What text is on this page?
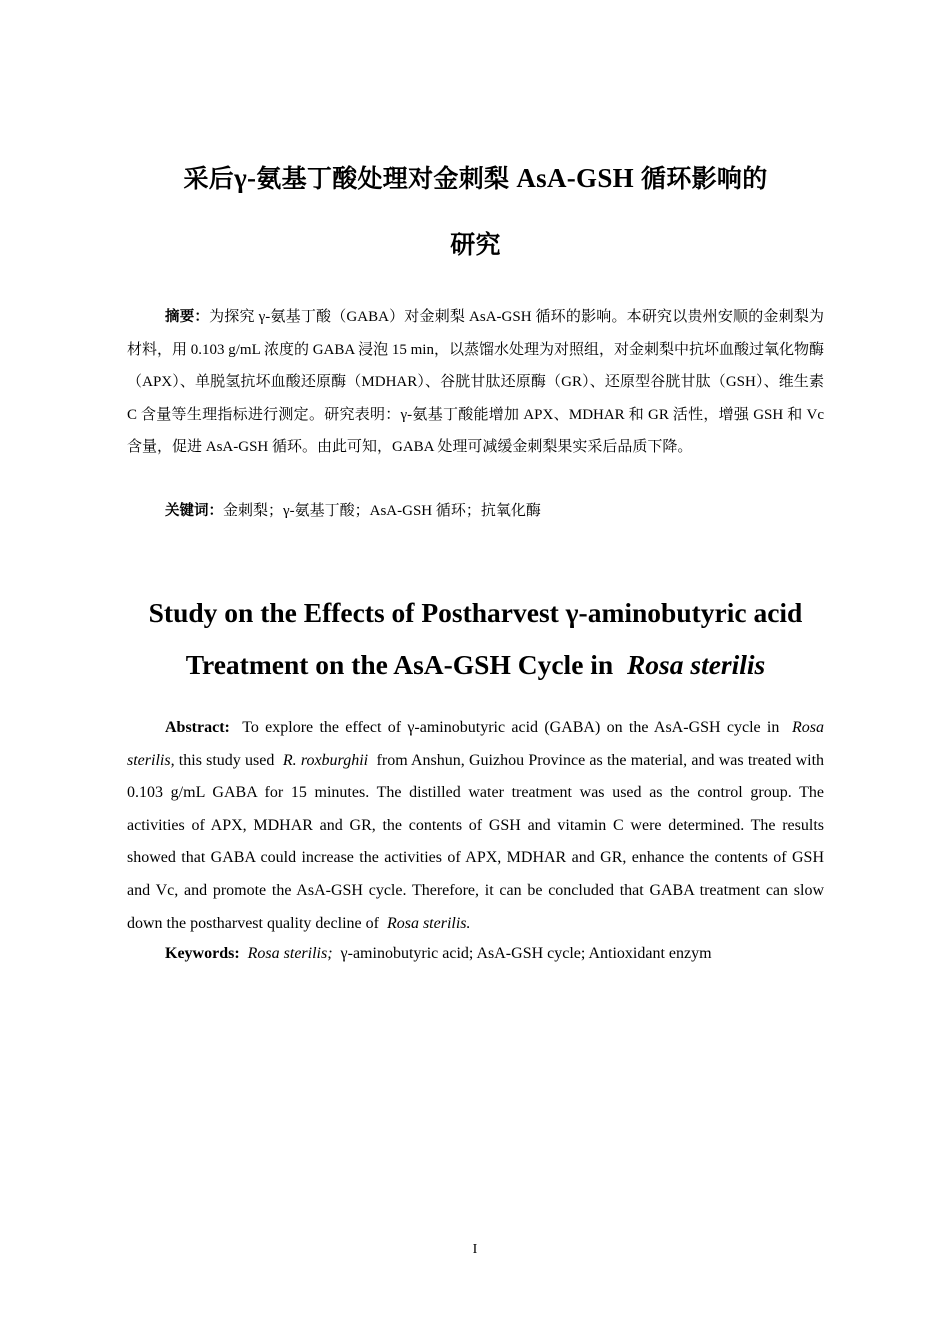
采后γ-氨基丁酸处理对金刺梨 AsA-GSH 循环影响的
研究
摘要：为探究 γ-氨基丁酸（GABA）对金刺梨 AsA-GSH 循环的影响。本研究以贵州安顺的金刺梨为材料，用 0.103 g/mL 浓度的 GABA 浸泡 15 min，以蒸馏水处理为对照组，对金刺梨中抗坏血酸过氧化物酶（APX）、单脱氢抗坏血酸还原酶（MDHAR）、谷胱甘肽还原酶（GR）、还原型谷胱甘肽（GSH）、维生素 C 含量等生理指标进行测定。研究表明：γ-氨基丁酸能增加 APX、MDHAR 和 GR 活性，增强 GSH 和 Vc 含量，促进 AsA-GSH 循环。由此可知，GABA 处理可减缓金刺梨果实采后品质下降。
关键词：金刺梨；γ-氨基丁酸；AsA-GSH 循环；抗氧化酶
Study on the Effects of Postharvest γ-aminobutyric acid
Treatment on the AsA-GSH Cycle in Rosa sterilis
Abstract: To explore the effect of γ-aminobutyric acid (GABA) on the AsA-GSH cycle in Rosa sterilis, this study used R. roxburghii from Anshun, Guizhou Province as the material, and was treated with 0.103 g/mL GABA for 15 minutes. The distilled water treatment was used as the control group. The activities of APX, MDHAR and GR, the contents of GSH and vitamin C were determined. The results showed that GABA could increase the activities of APX, MDHAR and GR, enhance the contents of GSH and Vc, and promote the AsA-GSH cycle. Therefore, it can be concluded that GABA treatment can slow down the postharvest quality decline of Rosa sterilis.
Keywords: Rosa sterilis; γ-aminobutyric acid; AsA-GSH cycle; Antioxidant enzym
I
